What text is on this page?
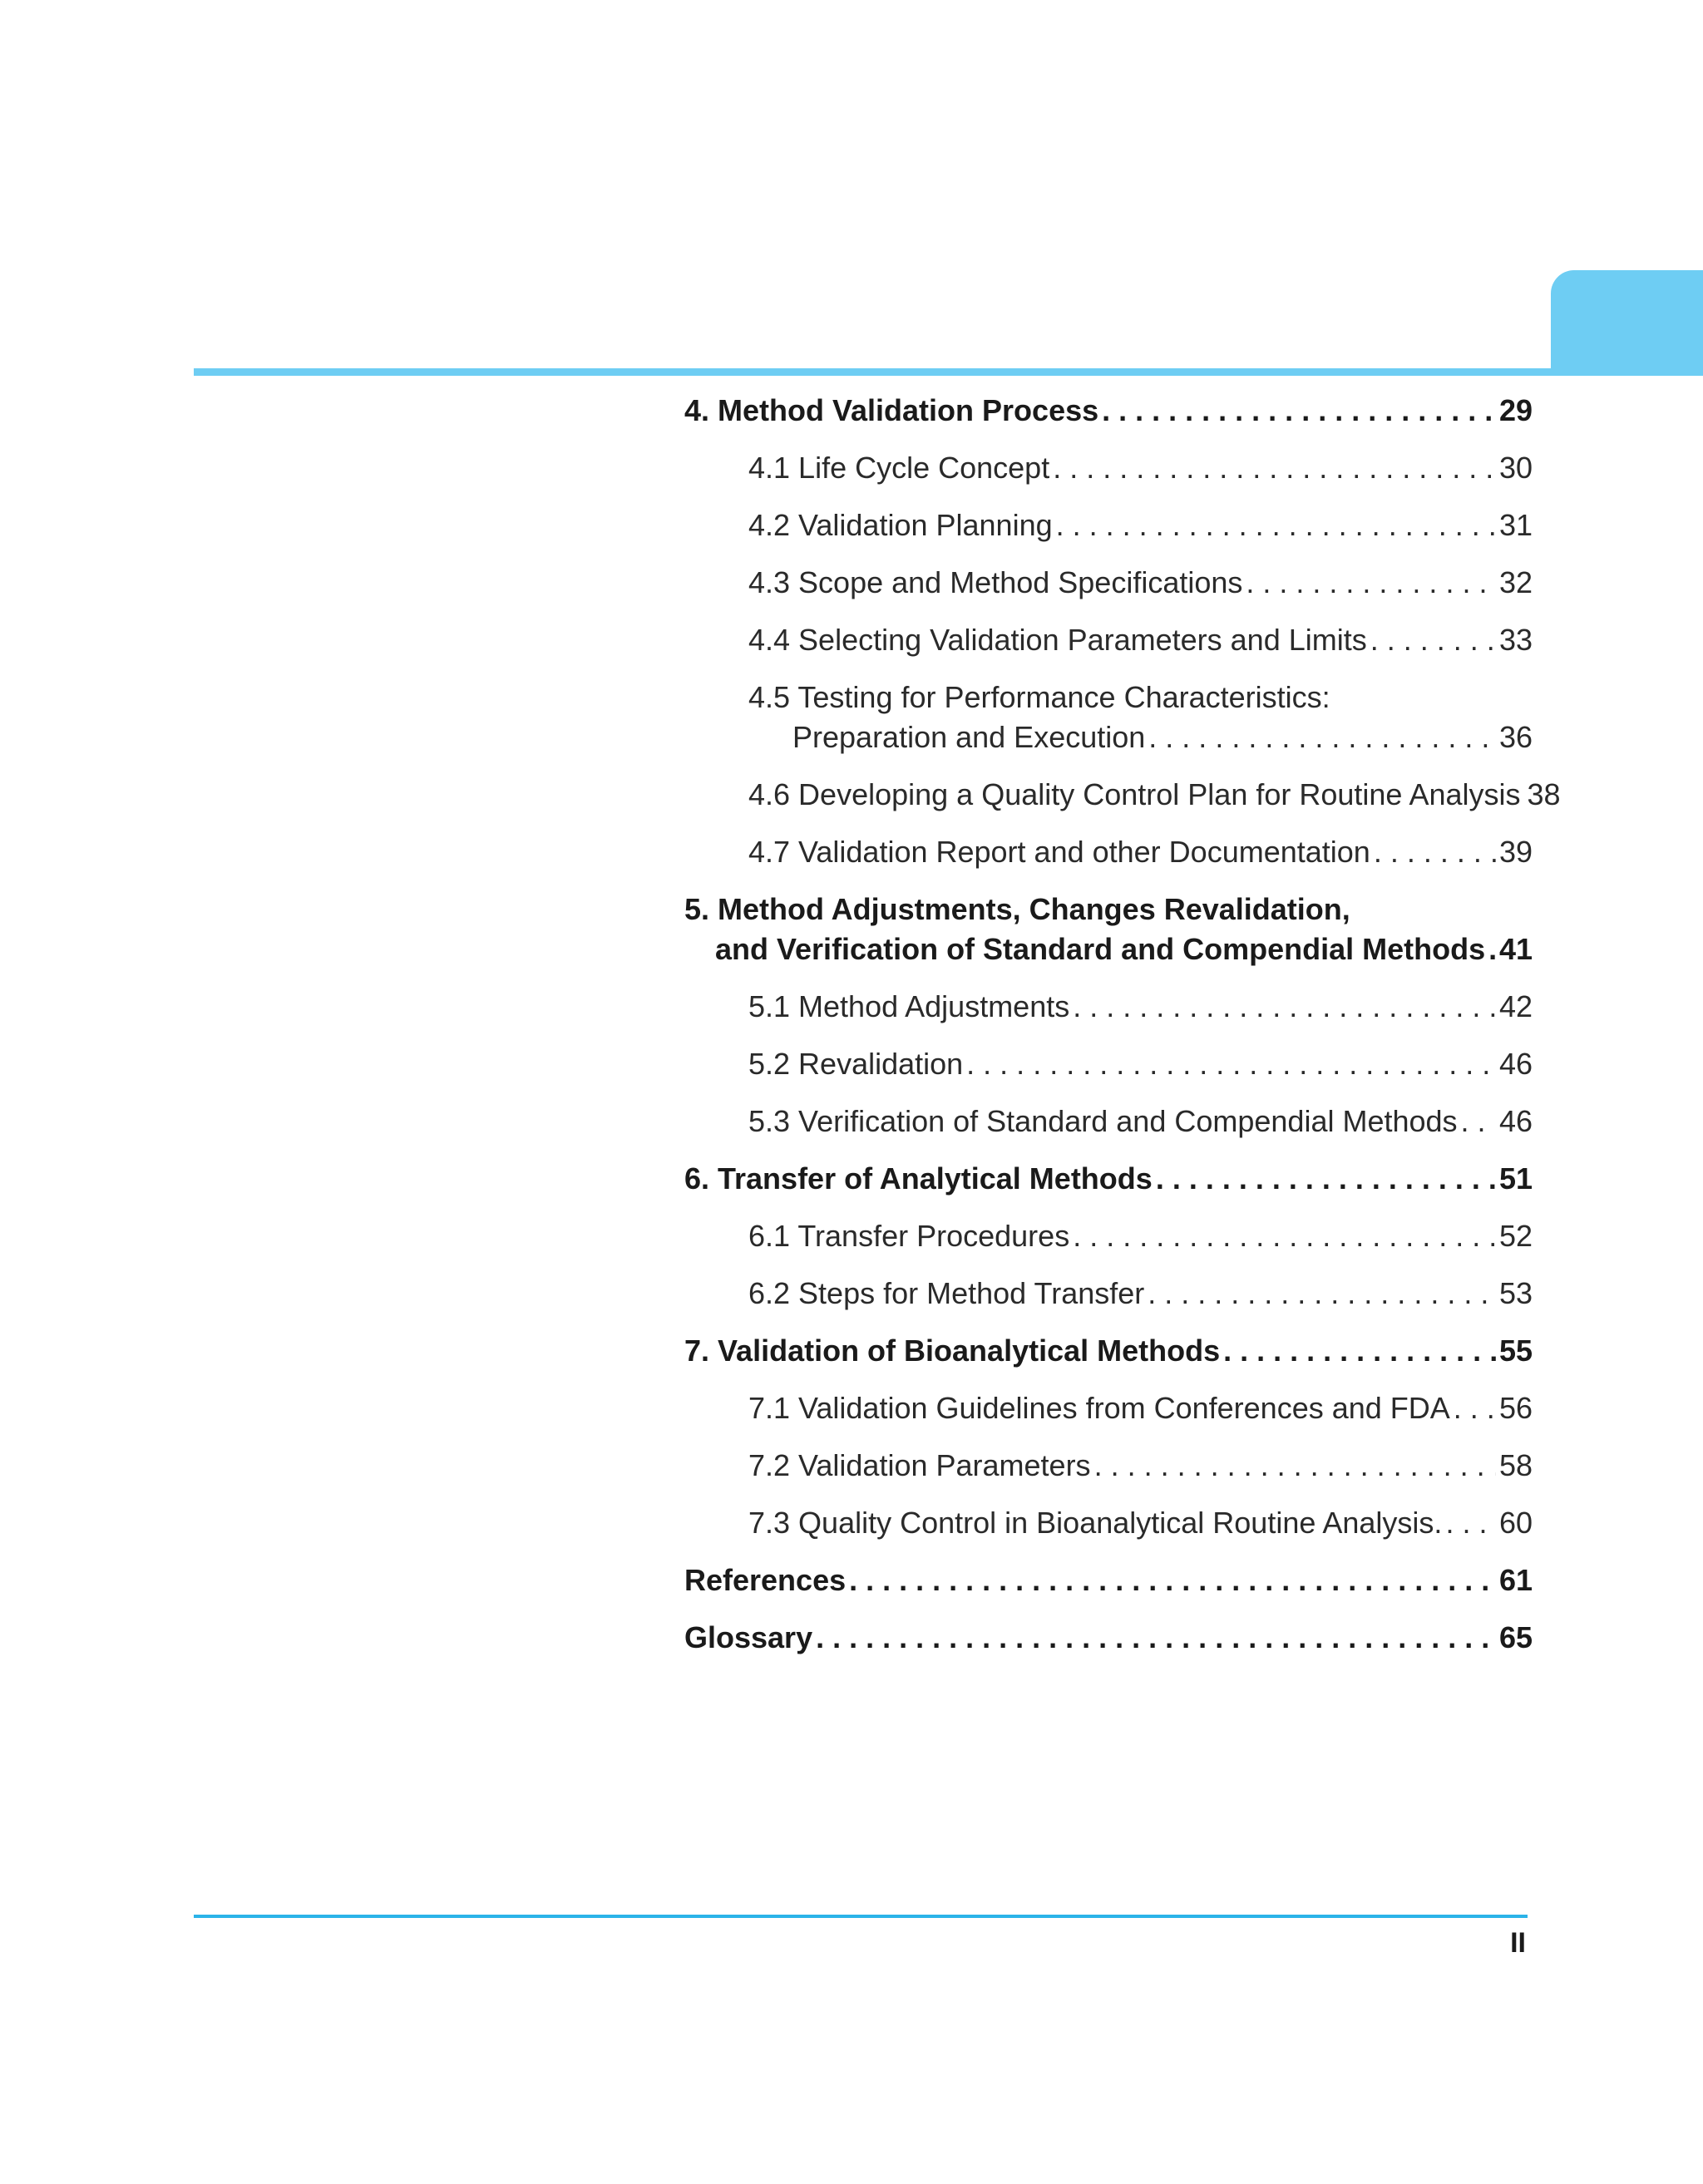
4. Method Validation Process . . .	29
4.1 Life Cycle Concept . . .	30
4.2 Validation Planning . . .	31
4.3 Scope and Method Specifications . . .	32
4.4 Selecting Validation Parameters and Limits . . .	33
4.5 Testing for Performance Characteristics:
Preparation and Execution . . .	36
4.6 Developing a Quality Control Plan for Routine Analysis 38
4.7 Validation Report and other Documentation . . .	39
5. Method Adjustments, Changes Revalidation,
and Verification of Standard and Compendial Methods . . . 41
5.1 Method Adjustments . . .	42
5.2 Revalidation . . .	46
5.3 Verification of Standard and Compendial Methods . . . 46
6. Transfer of Analytical Methods . . .	51
6.1 Transfer Procedures . . .	52
6.2 Steps for Method Transfer . . .	53
7. Validation of Bioanalytical Methods . . .	55
7.1 Validation Guidelines from Conferences and FDA . . . 56
7.2 Validation Parameters . . .	58
7.3 Quality Control in Bioanalytical Routine Analysis. . . . 60
References . . .	61
Glossary . . .	65
II
